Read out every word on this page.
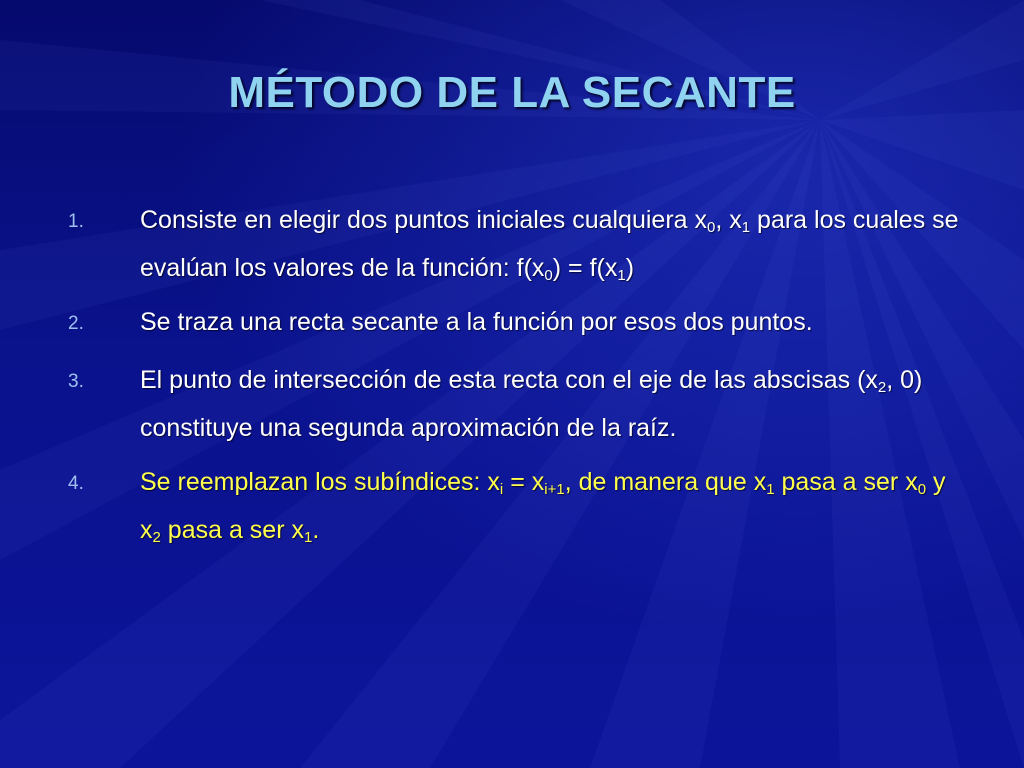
MÉTODO DE LA SECANTE
1.	Consiste en elegir dos puntos iniciales cualquiera $x_0$, $x_1$ para los cuales se evalúan los valores de la función: $f(x_0) = f(x_1)$
2.	Se traza una recta secante a la función por esos dos puntos.
3.	El punto de intersección de esta recta con el eje de las abscisas ($x_2$, 0) constituye una segunda aproximación de la raíz.
4.	Se reemplazan los subíndices: $x_i = x_{i+1}$, de manera que $x_1$ pasa a ser $x_0$ y $x_2$ pasa a ser $x_1$.
